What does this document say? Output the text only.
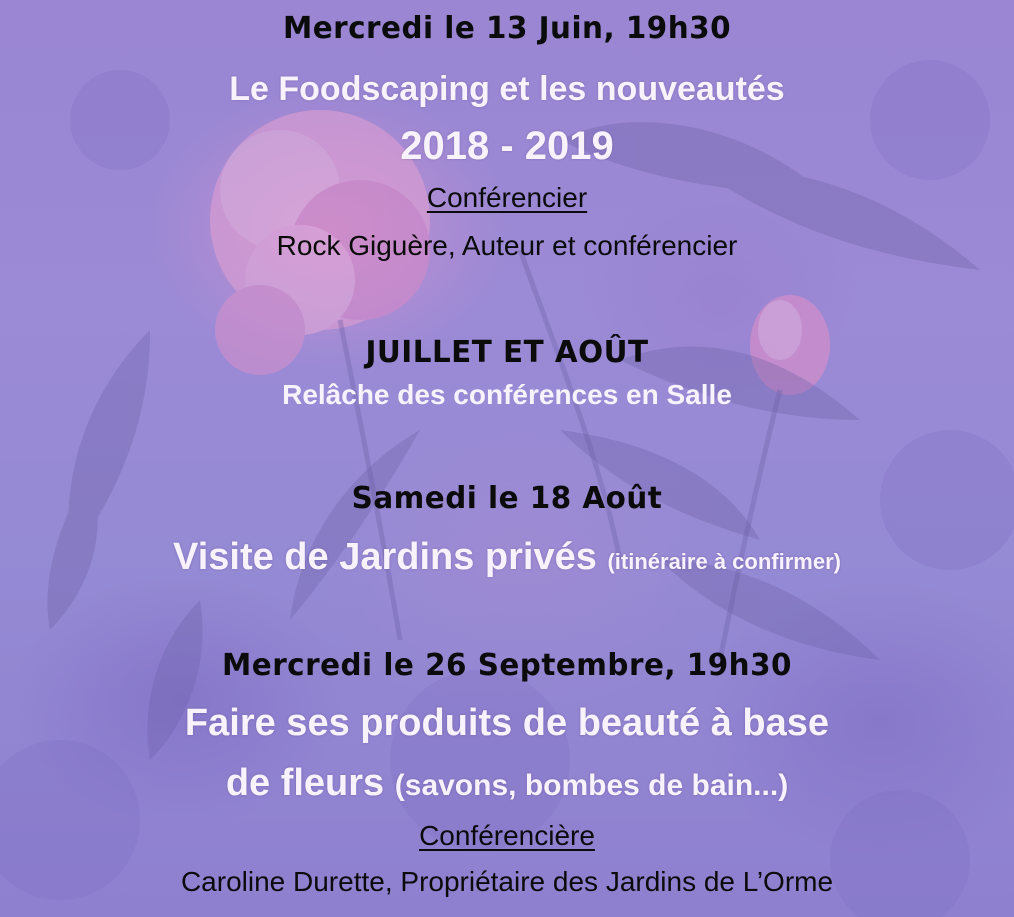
Mercredi le 13 Juin, 19h30
Le Foodscaping et les nouveautés
2018 - 2019
Conférencier
Rock Giguère, Auteur et conférencier
JUILLET ET AOÛT
Relâche des conférences en Salle
Samedi le 18 Août
Visite de Jardins privés (itinéraire à confirmer)
Mercredi le 26 Septembre, 19h30
Faire ses produits de beauté à base
de fleurs (savons, bombes de bain...)
Conférencière
Caroline Durette, Propriétaire des Jardins de L’Orme
